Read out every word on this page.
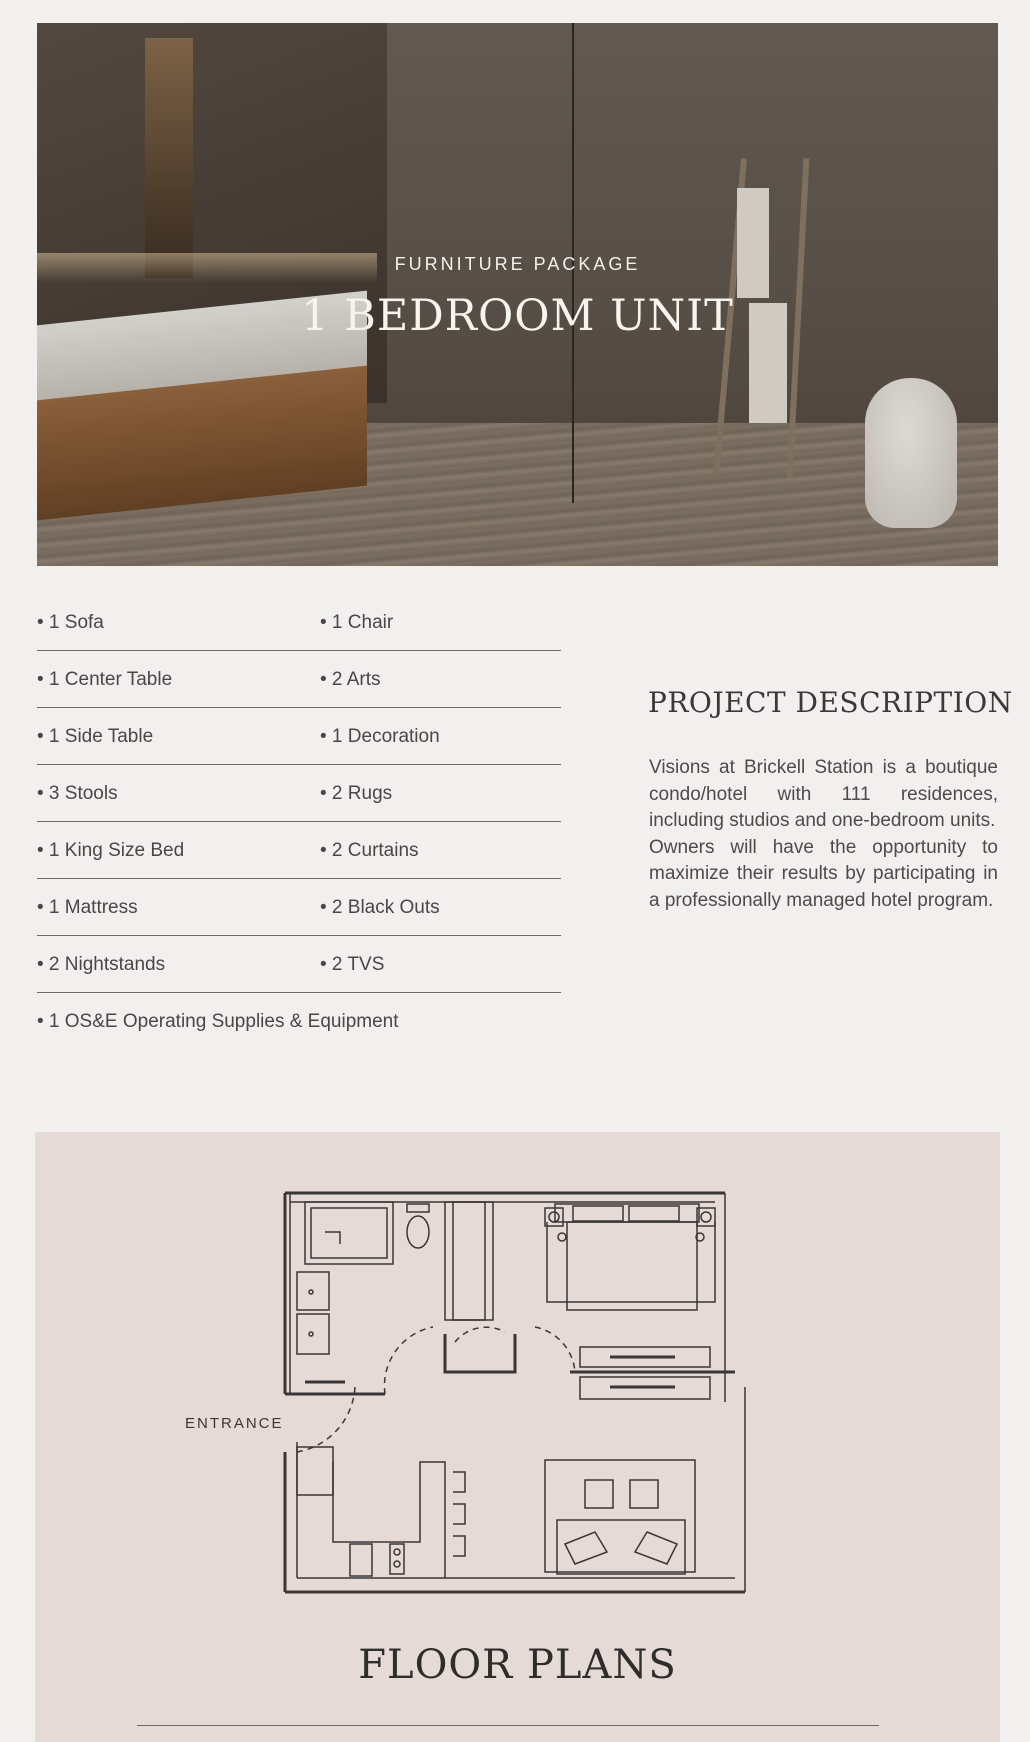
FURNITURE PACKAGE
1 BEDROOM UNIT
• 1 Sofa	• 1 Chair
• 1 Center Table	• 2 Arts
• 1 Side Table	• 1 Decoration
• 3 Stools	• 2 Rugs
• 1 King Size Bed	• 2 Curtains
• 1 Mattress	• 2 Black Outs
• 2 Nightstands	• 2 TVS
• 1 OS&E Operating Supplies & Equipment
PROJECT DESCRIPTION

Visions at Brickell Station is a boutique condo/hotel with 111 residences, including studios and one-bedroom units.

Owners will have the opportunity to maximize their results by participating in a professionally managed hotel program.

ENTRANCE
FLOOR PLANS
